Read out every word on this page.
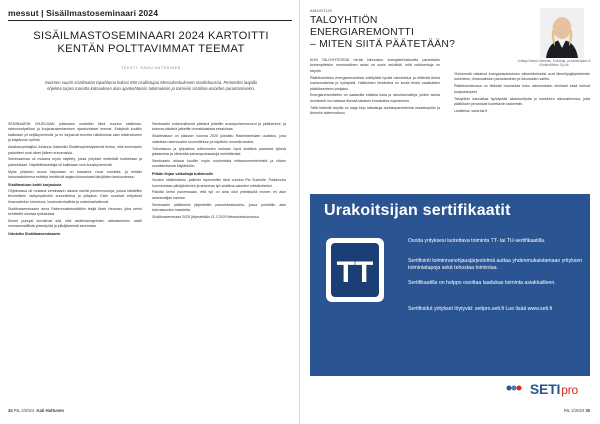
messut | Sisäilmastoseminaari 2024
SISÄILMASTOSEMINAARI 2024 KARTOITTI
KENTÄN POLTTAVIMMAT TEEMAT
TEKSTI: SAMU ANTERINEN
Suomen suurin sisäilmalan tapahtuma kokosi 850 osallistujaa Messukeskukseen maaliskuussa. Perinteiksi laajalla ohjelma tarjosi tuoretta katsauksen alan ajankohtaisiin tutkimuksiin ja toimiviin sisäilma-asioiden parantamiseksi.

SEMINAARIN OHJELMAN pääosaan nostettiin tänä vuonna sisäilman, rakennusfysiikan ja korjausrakentamisen ajankohtaiset teemat. Esityksiä kuultiin kaikkiaan yli neljäkymmentä, ja ne tarjosivat tuoreita näkökulmia alan tutkimukseen ja käytännön työhön.

Asiakasopettajiksi Johanna Satamäki Sisäilmayhdistyksestä kertoo, että seminaarin palautteet ovat olleet jälleen erinomaisia.

Seminaarissa oli mukana myös näyttely, jossa yritykset esittelivät tuotteitaan ja palveluitaan. Näytteilleasettajia oli kaikkiaan noin kuusikymmentä.

Myös yritysten osuus tarjontaan on kasvanut vuosi vuodelta, ja heidän innovaatioidensa esittelyt herättivät laajaa kiinnostusta kävijöiden keskuudessa.

Sisäilmaluun kohti korjauksia

Ohjelmassa oli mukana seminaarin aikana useita puheenvuoroja, joissa käsiteltiin terveellisen sisäympäristön suunnittelua ja ylläpitoa. Esiin nousivat erityisesti ilmanvaihdon toimivuus, kosteudenhallinta ja materiaalivalinnat.

Sisäilmaseminaarin anna Rakennustietosäätiön tekijä Matti Hedman, joka kertoi kehitteillä olevista työkaluista.

Monet puhujat korostivat sitä, että sisäilmaongelmien ratkaiseminen vaatii moniammatillista yhteistyötä ja pitkäjänteistä seurantaa.

Odotettu Sisäilmaseminaarin

Seminaarin ensimmäisenä päivänä pidettiin avauspuheenvuorot ja pääluennot, ja toisena päivänä jatkettiin rinnakkaisissa sessioissa.

Sisäilmaluun on pääosin vuonna 2025 julkaistu Rakentamislain uudistus, joka vaikuttaa rakennusten suunnitteluun ja käyttöön monella tavalla.

Tulevaisuus ja työpaikka: tutkimusten mukaan hyvä sisäilma parantaa työssä jaksamista ja vähentää sairauspoissaoloja merkittävästi.

Seminaarin aikana kuultiin myös uusimmista mittausmenetelmistä ja niiden soveltamisesta käytäntöön.

Pitkän linjan vaikuttaja tutkinnolle

Vuoden sisäilmateko -palkinto myönnettiin tänä vuonna Pia Sucholle. Palkinnolla huomioidaan pitkäjänteinen ja ansiokas työ sisäilma-asioiden edistämiseksi.

Palkittu kertoi puheessaan, että työ on aina ollut yhteistyötä monen eri alan asiantuntijan kanssa.

Seminaarin päätteeksi järjestettiin paneelikeskustelu, jossa pohdittiin alan tulevaisuuden haasteita.

Sisäilmaseminaari 2025 järjestetään 11.3.2025 Messukeskuksessa.

34 RIL 2/2024 Kati Huttunen
AMUSTUS
TALOYHTIÖN ENERGIAREMONTTI
– MITEN SIITÄ PÄÄTETÄÄN?
Johtaja Hanna Vierusku, Kuluttaja- ja Asiakkaiden & Kiinteistöliiton Oy Ab

KUN TALOYHTIÖSSÄ herää kiinnostus energiatehokkuutta parantaviin toimenpiteisiin, ensimmäinen askel on usein selvittää, mitä vaihtoehtoja on tarjolla.

Päätöksenteko energiaremontista edellyttää hyvää valmistelua ja riittävää tietoa kustannuksista ja hyödyistä. Hallituksen tehtävänä on koota tiedot osakkaiden päätöksenteon pohjaksi.

Energiaremontteihin on saatavilla erilaisia tukia ja rahoitusmalleja, joiden avulla investointi voi maksaa itsensä takaisin ennakoitua nopeammin.

Tällä hetkellä tarjolla on laaja kirjo ratkaisuja aurinkopaneeleista maalämpöön ja lämmön talteenottoon.

Yleisimmät ratkaisut energiankulutuksen vähentämiseksi ovat lämmitysjärjestelmän uusiminen, ilmanvaihdon parantaminen ja ikkunoiden vaihto.

Päätöksenteossa on tärkeää huomioida koko rakennuksen elinkaari sekä tulevat korjaustarpeet.

Taloyhtiön kannattaa hyödyntää asiantuntijoita jo hankkeen alkuvaiheessa, jotta päätökset perustuvat luotettaviin laskelmiin.

Lisätietoa: www.kkl.fi

Urakoitsijan sertifikaatit
TT
Osoita yrityksesi luotettava toiminta TT- tai TU-sertifikaatilla.
Sertifiointi toiminnanohjausjärjestelmä auttaa yhdenmukaistamaan yrityksen toimintatapoja sekä tehostaa toimintaa.
Sertifikaatilla on helppo osoittaa laadukas toiminta asiakkailleen.
Sertifioidut yritykset löytyvät: setipro.seti.fi Lue lisää www.seti.fi
SETIpro
RIL 2/2024 35
